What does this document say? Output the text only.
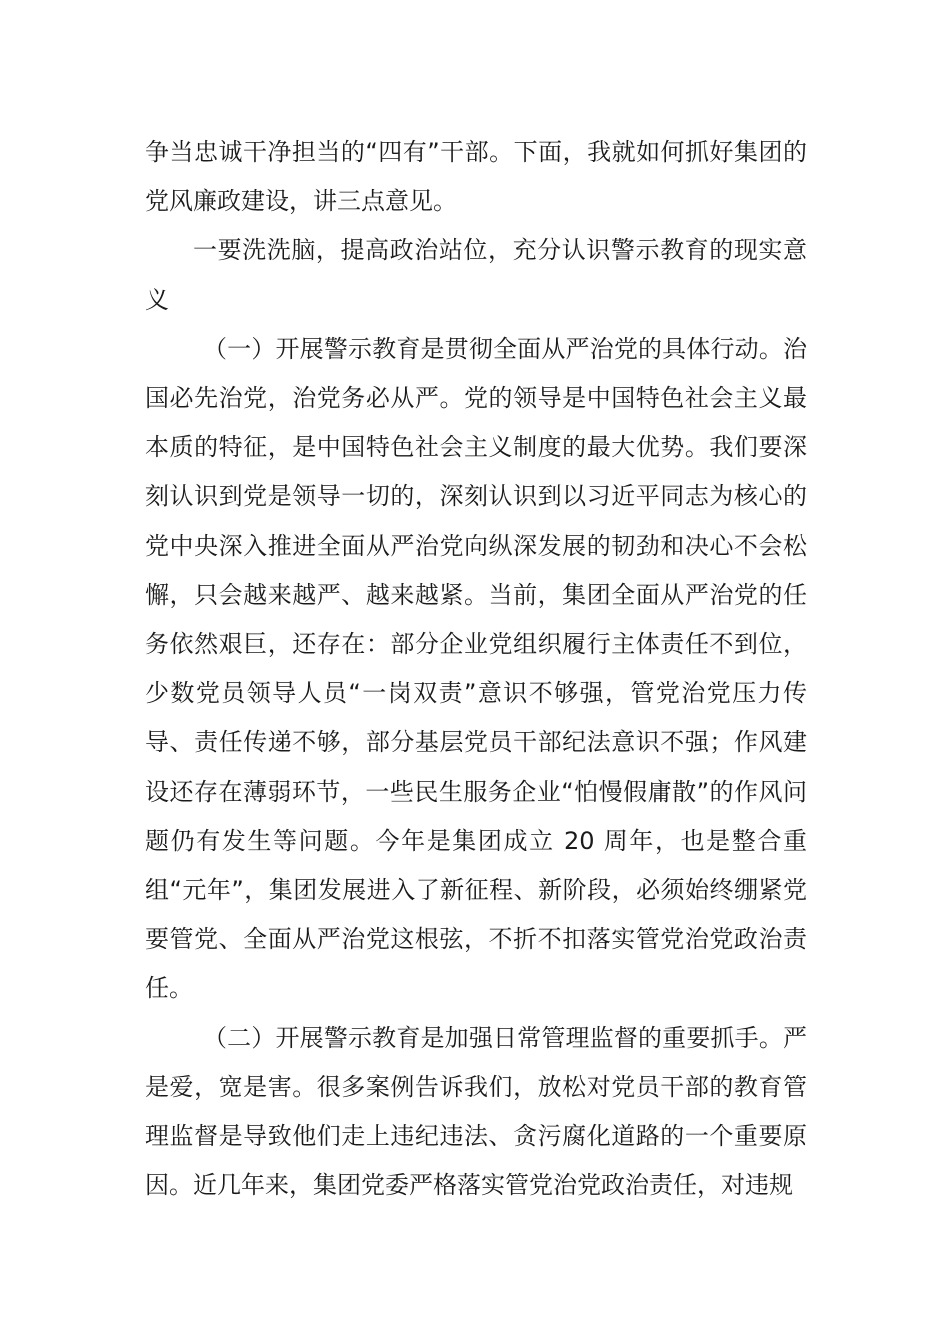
争当忠诚干净担当的“四有”干部。下面，我就如何抓好集团的党风廉政建设，讲三点意见。

一要洗洗脑，提高政治站位，充分认识警示教育的现实意义

（一）开展警示教育是贯彻全面从严治党的具体行动。治国必先治党，治党务必从严。党的领导是中国特色社会主义最本质的特征，是中国特色社会主义制度的最大优势。我们要深刻认识到党是领导一切的，深刻认识到以习近平同志为核心的党中央深入推进全面从严治党向纵深发展的韧劲和决心不会松懈，只会越来越严、越来越紧。当前，集团全面从严治党的任务依然艰巨，还存在：部分企业党组织履行主体责任不到位，少数党员领导人员“一岗双责”意识不够强，管党治党压力传导、责任传递不够，部分基层党员干部纪法意识不强；作风建设还存在薄弱环节，一些民生服务企业“怕慢假庸散”的作风问题仍有发生等问题。今年是集团成立 20 周年，也是整合重组“元年”，集团发展进入了新征程、新阶段，必须始终绷紧党要管党、全面从严治党这根弦，不折不扣落实管党治党政治责任。

（二）开展警示教育是加强日常管理监督的重要抓手。严是爱，宽是害。很多案例告诉我们，放松对党员干部的教育管理监督是导致他们走上违纪违法、贪污腐化道路的一个重要原因。近几年来，集团党委严格落实管党治党政治责任，对违规
